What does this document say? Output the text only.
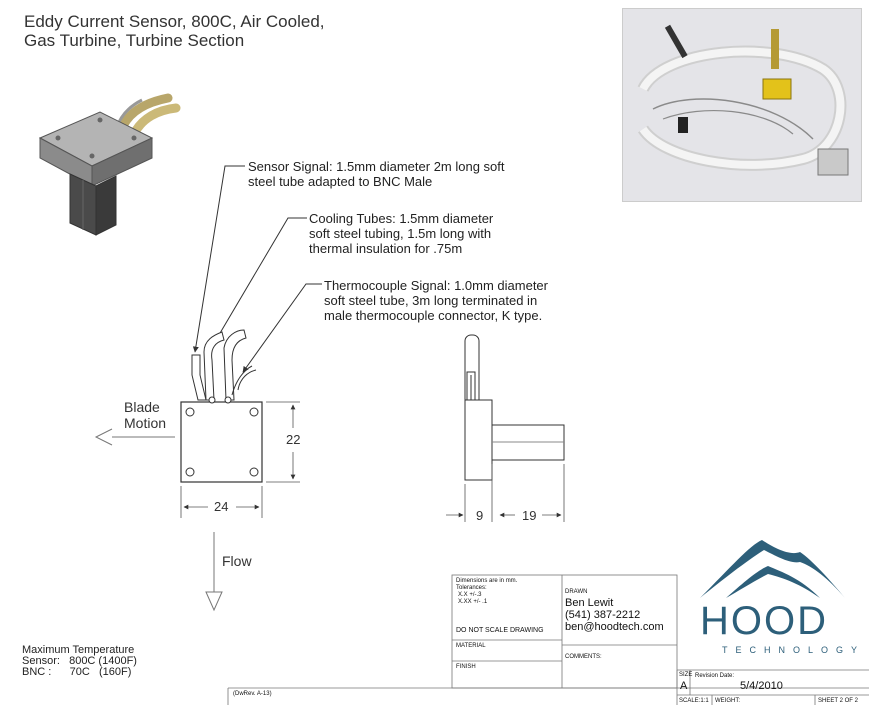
Eddy Current Sensor, 800C, Air Cooled,
Gas Turbine, Turbine Section
Sensor Signal: 1.5mm diameter 2m long soft
steel tube adapted to BNC Male
Cooling Tubes: 1.5mm diameter
soft steel tubing, 1.5m long with
thermal insulation for .75m
Thermocouple Signal: 1.0mm diameter
soft steel tube, 3m long terminated in
male thermocouple connector, K type.
Blade
Motion
Flow
22
24
9	19
Maximum Temperature
Sensor:   800C (1400F)
BNC :      70C   (160F)
Dimensions are in mm.
Tolerances:
X.X +/-.3
X.XX +/- .1
DO NOT SCALE DRAWING
MATERIAL
FINISH
DRAWN
Ben Lewit
(541) 387-2212
ben@hoodtech.com
COMMENTS:
SIZE
A
Revision Date:
5/4/2010
SCALE:1:1 WEIGHT:	SHEET 2 OF 2
(DwRev. A-13)
HOOD
TECHNOLOGY
